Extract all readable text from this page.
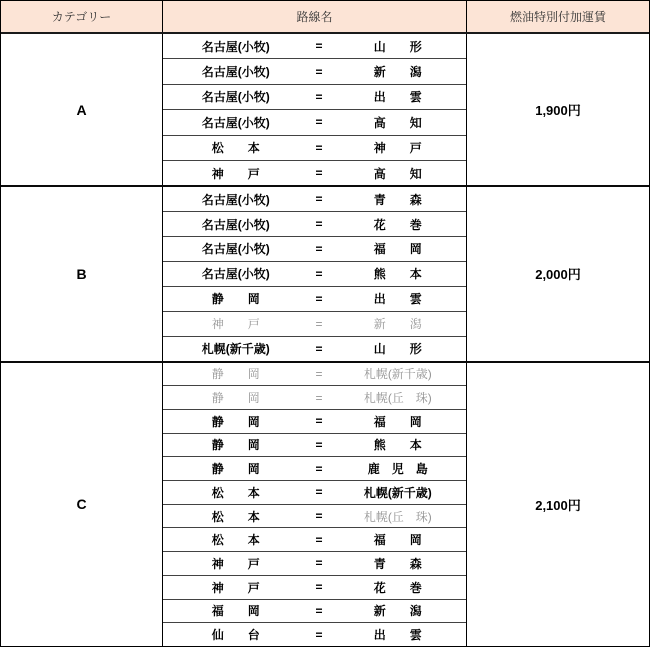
カテゴリー	路線名	燃油特別付加運賃
A
名古屋(小牧)	=	山　　形
名古屋(小牧)	=	新　　潟
名古屋(小牧)	=	出　　雲
名古屋(小牧)	=	高　　知
松　　本	=	神　　戸
神　　戸	=	高　　知
1,900円
B
名古屋(小牧)	=	青　　森
名古屋(小牧)	=	花　　巻
名古屋(小牧)	=	福　　岡
名古屋(小牧)	=	熊　　本
静　　岡	=	出　　雲
神　　戸	=	新　　潟
札幌(新千歳)	=	山　　形
2,000円
C
静　　岡	=	札幌(新千歳)
静　　岡	=	札幌(丘　珠)
静　　岡	=	福　　岡
静　　岡	=	熊　　本
静　　岡	=	鹿　児　島
松　　本	=	札幌(新千歳)
松　　本	=	札幌(丘　珠)
松　　本	=	福　　岡
神　　戸	=	青　　森
神　　戸	=	花　　巻
福　　岡	=	新　　潟
仙　　台	=	出　　雲
2,100円
